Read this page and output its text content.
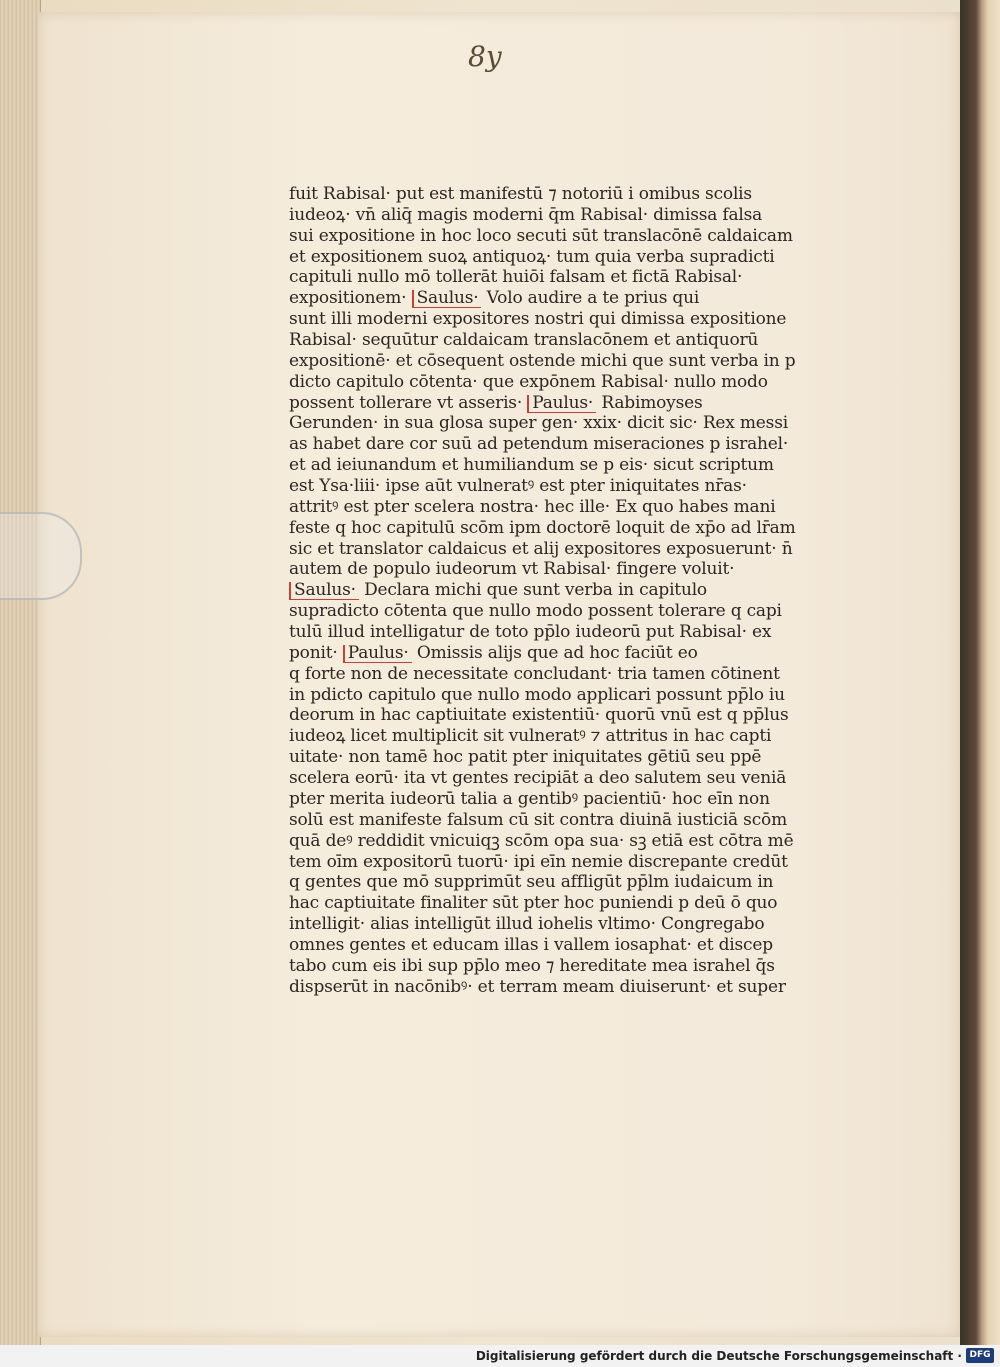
8y
fuit Rabisal· put est manifestū ⁊ notoriū i omibus scolis
iudeoꝝ· vn̄ aliq̄ magis moderni q̄m Rabisal· dimissa falsa
sui expositione in hoc loco secuti sūt translacōnē caldaicam
et expositionem suoꝝ antiquoꝝ· tum quia verba supradicti
capituli nullo mō tollerāt huiōi falsam et fictā Rabisal·
expositionem· Saulus· Volo audire a te prius qui
sunt illi moderni expositores nostri qui dimissa expositione
Rabisal· sequūtur caldaicam translacōnem et antiquorū
expositionē· et cōsequent ostende michi que sunt verba in p
dicto capitulo cōtenta· que expōnem Rabisal· nullo modo
possent tollerare vt asseris· Paulus· Rabimoyses
Gerunden· in sua glosa super gen· xxix· dicit sic· Rex messi
as habet dare cor suū ad petendum miseraciones p israhel·
et ad ieiunandum et humiliandum se p eis· sicut scriptum
est Ysa·liii· ipse aūt vulneratꝰ est pter iniquitates nr̄as·
attritꝰ est pter scelera nostra· hec ille· Ex quo habes mani
feste q hoc capitulū scōm ipm doctorē loquit de xp̄o ad lr̄am
sic et translator caldaicus et alij expositores exposuerunt· n̄
autem de populo iudeorum vt Rabisal· fingere voluit·
Saulus· Declara michi que sunt verba in capitulo
supradicto cōtenta que nullo modo possent tolerare q capi
tulū illud intelligatur de toto pp̄lo iudeorū put Rabisal· ex
ponit· Paulus· Omissis alijs que ad hoc faciūt eo
q forte non de necessitate concludant· tria tamen cōtinent
in pdicto capitulo que nullo modo applicari possunt pp̄lo iu
deorum in hac captiuitate existentiū· quorū vnū est q pp̄lus
iudeoꝝ licet multiplicit sit vulneratꝰ ⁊ attritus in hac capti
uitate· non tamē hoc patit pter iniquitates gētiū seu ppē
scelera eorū· ita vt gentes recipiāt a deo salutem seu veniā
pter merita iudeorū talia a gentibꝰ pacientiū· hoc eīn non
solū est manifeste falsum cū sit contra diuinā iusticiā scōm
quā deꝰ reddidit vnicuiqꝫ scōm opa sua· sꝫ etiā est cōtra mē
tem oīm expositorū tuorū· ipi eīn nemie discrepante credūt
q gentes que mō supprimūt seu affligūt pp̄lm iudaicum in
hac captiuitate finaliter sūt pter hoc puniendi p deū ō quo
intelligit· alias intelligūt illud iohelis vltimo· Congregabo
omnes gentes et educam illas i vallem iosaphat· et discep
tabo cum eis ibi sup pp̄lo meo ⁊ hereditate mea israhel q̄s
dispserūt in nacōnibꝰ· et terram meam diuiserunt· et super
Digitalisierung gefördert durch die Deutsche Forschungsgemeinschaft · DFG
